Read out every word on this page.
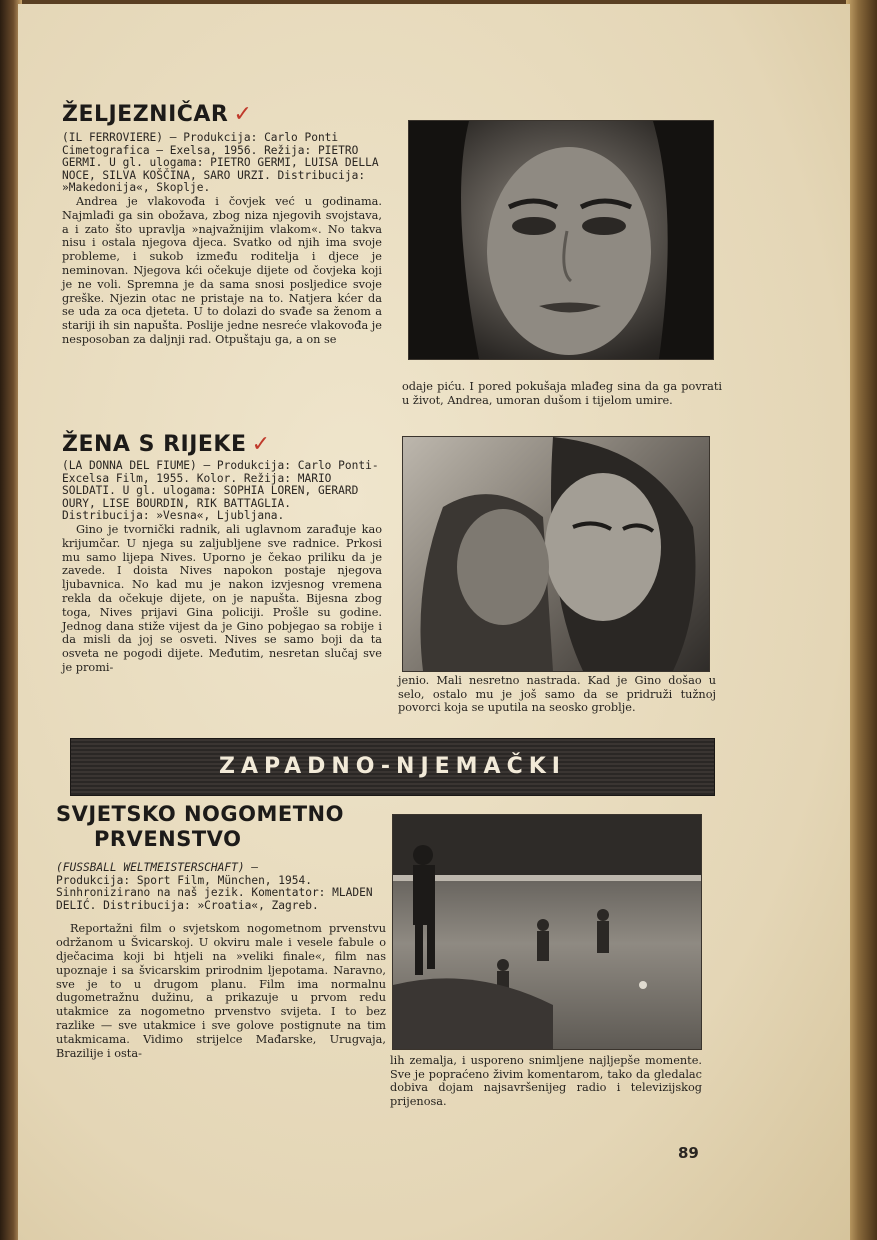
ŽELJEZNIČAR ✓

(IL FERROVIERE) — Produkcija: Carlo Ponti Cimetografica — Exelsa, 1956. Režija: PIETRO GERMI. U gl. ulogama: PIETRO GERMI, LUISA DELLA NOCE, SILVA KOŠČINA, SARO URZI. Distribucija: »Makedonija«, Skoplje.

Andrea je vlakovođa i čovjek već u godinama. Najmlađi ga sin obožava, zbog niza njegovih svojstava, a i zato što upravlja »najvažnijim vlakom«. No takva nisu i ostala njegova djeca. Svatko od njih ima svoje probleme, i sukob između roditelja i djece je neminovan. Njegova kći očekuje dijete od čovjeka koji je ne voli. Spremna je da sama snosi posljedice svoje greške. Njezin otac ne pristaje na to. Natjera kćer da se uda za oca djeteta. U to dolazi do svađe sa ženom a stariji ih sin napušta. Poslije jedne nesreće vlakovođa je nesposoban za daljnji rad. Otpuštaju ga, a on se

odaje piću. I pored pokušaja mlađeg sina da ga povrati u život, Andrea, umoran dušom i tijelom umire.

ŽENA S RIJEKE ✓

(LA DONNA DEL FIUME) — Produkcija: Carlo Ponti-Excelsa Film, 1955. Kolor. Režija: MARIO SOLDATI. U gl. ulogama: SOPHIA LOREN, GERARD OURY, LISE BOURDIN, RIK BATTAGLIA. Distribucija: »Vesna«, Ljubljana.

Gino je tvornički radnik, ali uglavnom zarađuje kao krijumčar. U njega su zaljubljene sve radnice. Prkosi mu samo lijepa Nives. Uporno je čekao priliku da je zavede. I doista Nives napokon postaje njegova ljubavnica. No kad mu je nakon izvjesnog vremena rekla da očekuje dijete, on je napušta. Bijesna zbog toga, Nives prijavi Gina policiji. Prošle su godine. Jednog dana stiže vijest da je Gino pobjegao sa robije i da misli da joj se osveti. Nives se samo boji da ta osveta ne pogodi dijete. Međutim, nesretan slučaj sve je promi-

jenio. Mali nesretno nastrada. Kad je Gino došao u selo, ostalo mu je još samo da se pridruži tužnoj povorci koja se uputila na seosko groblje.

ZAPADNO-NJEMAČKI
SVJETSKO NOGOMETNO
PRVENSTVO

(FUSSBALL WELTMEISTERSCHAFT) —

Produkcija: Sport Film, München, 1954. Sinhronizirano na naš jezik. Komentator: MLADEN DELIĆ. Distribucija: »Croatia«, Zagreb.

Reportažni film o svjetskom nogometnom prvenstvu održanom u Švicarskoj. U okviru male i vesele fabule o dječacima koji bi htjeli na »veliki finale«, film nas upoznaje i sa švicarskim prirodnim ljepotama. Naravno, sve je to u drugom planu. Film ima normalnu dugometražnu dužinu, a prikazuje u prvom redu utakmice za nogometno prvenstvo svijeta. I to bez razlike — sve utakmice i sve golove postignute na tim utakmicama. Vidimo strijelce Mađarske, Urugvaja, Brazilije i osta-

lih zemalja, i usporeno snimljene najljepše momente. Sve je popraćeno živim komentarom, tako da gledalac dobiva dojam najsavršenijeg radio i televizijskog prijenosa.

89
